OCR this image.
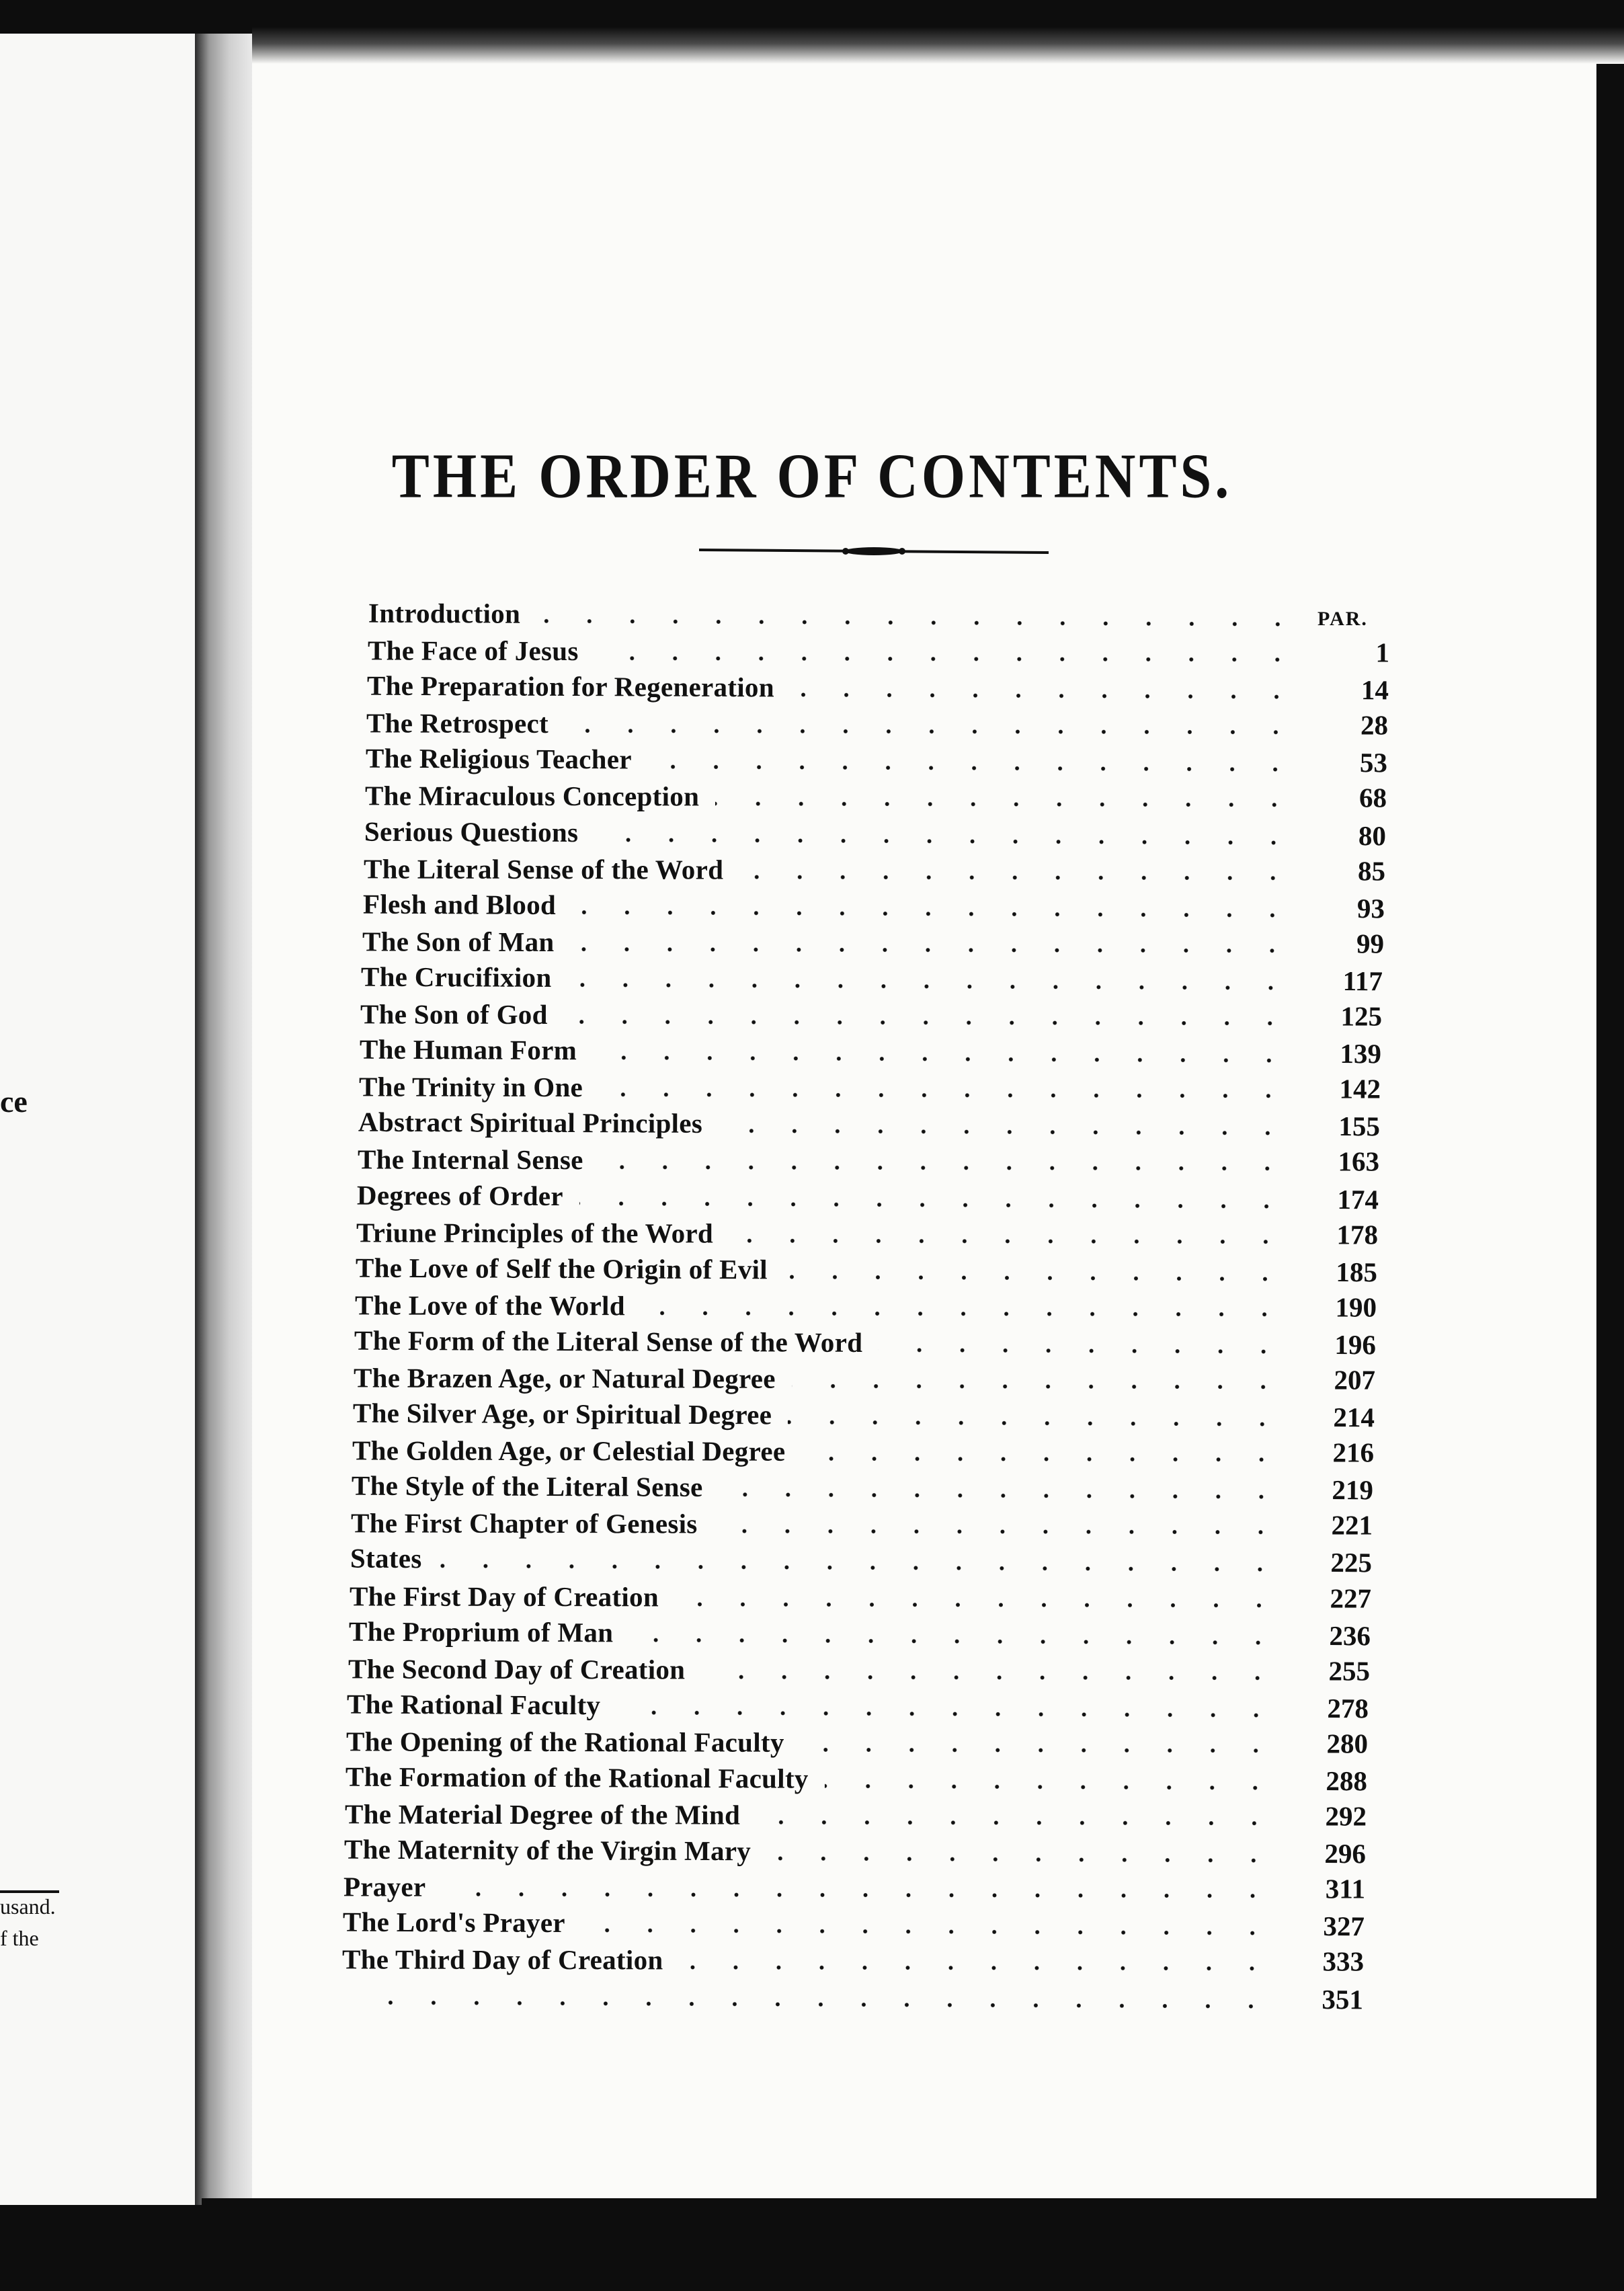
ce
usand.
f the
THE ORDER OF CONTENTS.
PAR.
Introduction
The Face of Jesus	1
The Preparation for Regeneration	14
The Retrospect	28
The Religious Teacher	53
The Miraculous Conception	68
Serious Questions	80
The Literal Sense of the Word	85
Flesh and Blood	93
The Son of Man	99
The Crucifixion	117
The Son of God	125
The Human Form	139
The Trinity in One	142
Abstract Spiritual Principles	155
The Internal Sense	163
Degrees of Order	174
Triune Principles of the Word	178
The Love of Self the Origin of Evil	185
The Love of the World	190
The Form of the Literal Sense of the Word	196
The Brazen Age, or Natural Degree	207
The Silver Age, or Spiritual Degree	214
The Golden Age, or Celestial Degree	216
The Style of the Literal Sense	219
The First Chapter of Genesis	221
States	225
The First Day of Creation	227
The Proprium of Man	236
The Second Day of Creation	255
The Rational Faculty	278
The Opening of the Rational Faculty	280
The Formation of the Rational Faculty	288
The Material Degree of the Mind	292
The Maternity of the Virgin Mary	296
Prayer	311
The Lord's Prayer	327
The Third Day of Creation	333
351
